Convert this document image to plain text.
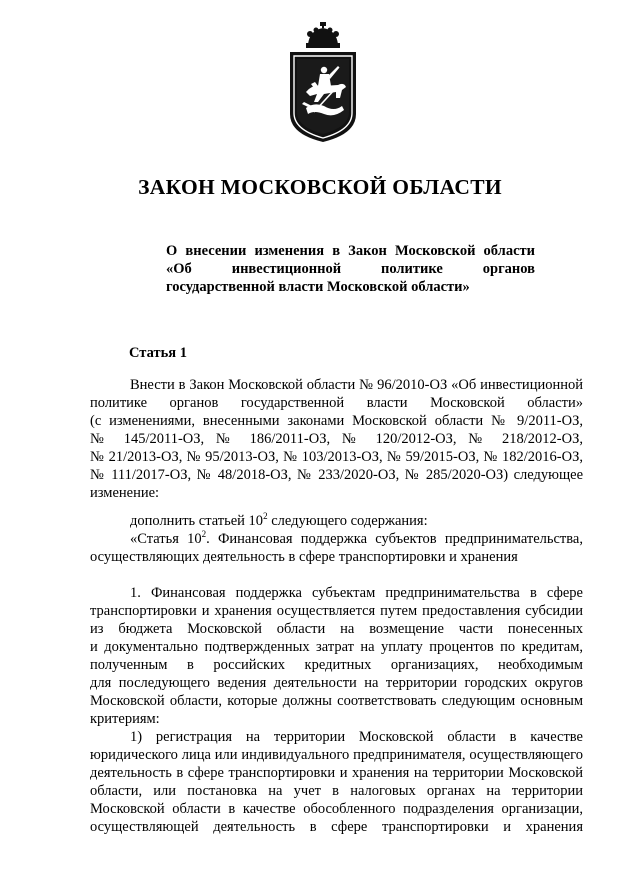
ЗАКОН МОСКОВСКОЙ ОБЛАСТИ
О внесении изменения в Закон Московской области
«Об инвестиционной политике органов
государственной власти Московской области»
Статья 1
Внести в Закон Московской области № 96/2010-ОЗ «Об инвестиционной
политике органов государственной власти Московской области»
(с изменениями, внесенными законами Московской области № 9/2011-ОЗ,
№ 145/2011-ОЗ, № 186/2011-ОЗ, № 120/2012-ОЗ, № 218/2012-ОЗ,
№ 21/2013-ОЗ, № 95/2013-ОЗ, № 103/2013-ОЗ, № 59/2015-ОЗ, № 182/2016-ОЗ,
№ 111/2017-ОЗ, № 48/2018-ОЗ, № 233/2020-ОЗ, № 285/2020-ОЗ) следующее
изменение:
дополнить статьей $10^2$ следующего содержания:
«Статья $10^2$. Финансовая поддержка субъектов предпринимательства,
осуществляющих деятельность в сфере транспортировки и хранения
1. Финансовая поддержка субъектам предпринимательства в сфере
транспортировки и хранения осуществляется путем предоставления субсидии
из бюджета Московской области на возмещение части понесенных
и документально подтвержденных затрат на уплату процентов по кредитам,
полученным в российских кредитных организациях, необходимым
для последующего ведения деятельности на территории городских округов
Московской области, которые должны соответствовать следующим основным
критериям:
1) регистрация на территории Московской области в качестве
юридического лица или индивидуального предпринимателя, осуществляющего
деятельность в сфере транспортировки и хранения на территории Московской
области, или постановка на учет в налоговых органах на территории
Московской области в качестве обособленного подразделения организации,
осуществляющей деятельность в сфере транспортировки и хранения
